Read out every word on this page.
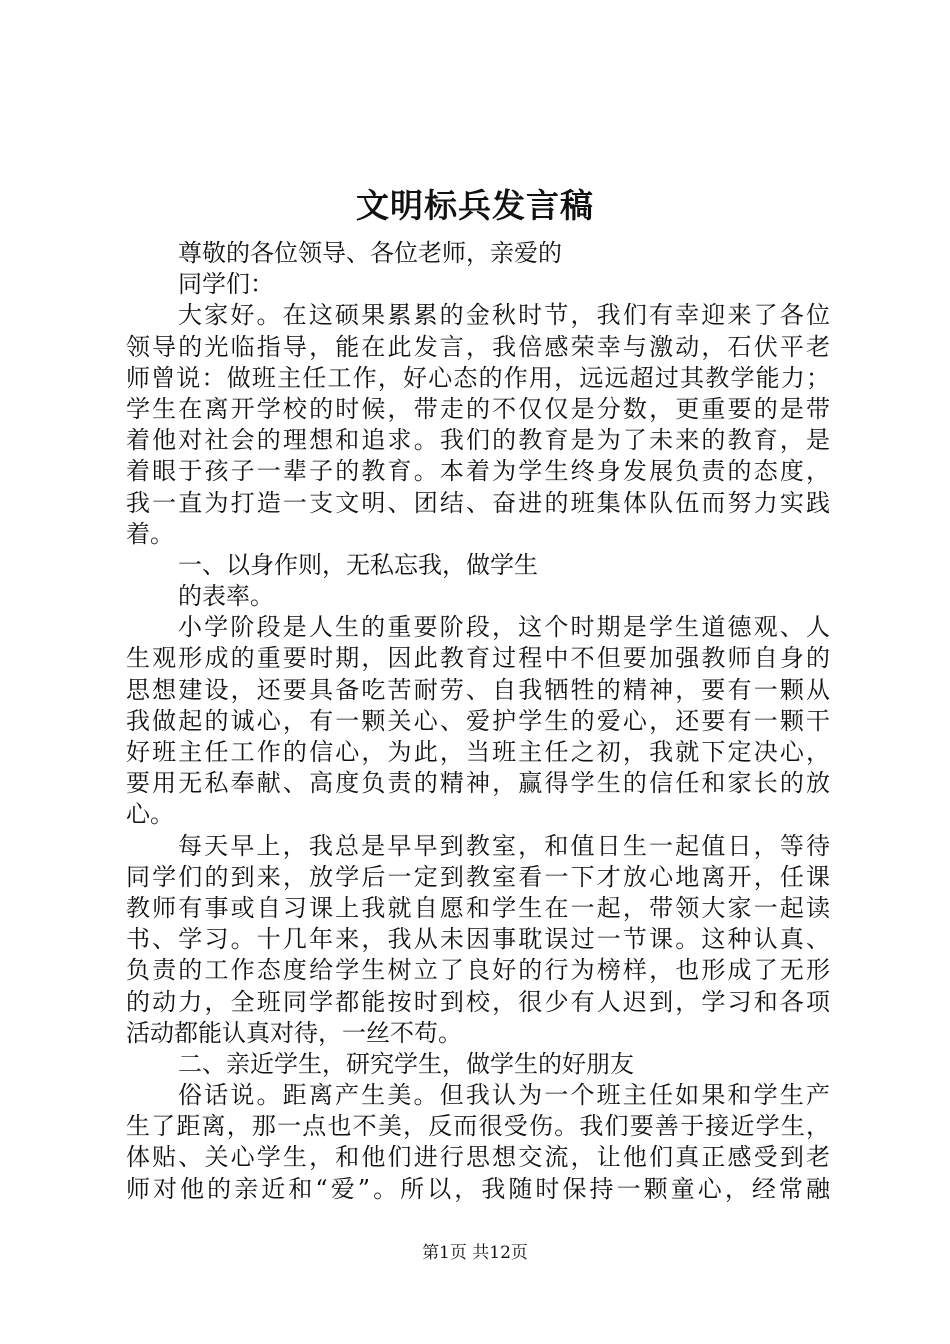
文明标兵发言稿

尊敬的各位领导、各位老师，亲爱的

同学们：

大家好。在这硕果累累的金秋时节，我们有幸迎来了各位

领导的光临指导，能在此发言，我倍感荣幸与激动，石伏平老

师曾说：做班主任工作，好心态的作用，远远超过其教学能力；

学生在离开学校的时候，带走的不仅仅是分数，更重要的是带

着他对社会的理想和追求。我们的教育是为了未来的教育，是

着眼于孩子一辈子的教育。本着为学生终身发展负责的态度，

我一直为打造一支文明、团结、奋进的班集体队伍而努力实践

着。

一、以身作则，无私忘我，做学生

的表率。

小学阶段是人生的重要阶段，这个时期是学生道德观、人

生观形成的重要时期，因此教育过程中不但要加强教师自身的

思想建设，还要具备吃苦耐劳、自我牺牲的精神，要有一颗从

我做起的诚心，有一颗关心、爱护学生的爱心，还要有一颗干

好班主任工作的信心，为此，当班主任之初，我就下定决心，

要用无私奉献、高度负责的精神，赢得学生的信任和家长的放

心。

每天早上，我总是早早到教室，和值日生一起值日，等待

同学们的到来，放学后一定到教室看一下才放心地离开，任课

教师有事或自习课上我就自愿和学生在一起，带领大家一起读

书、学习。十几年来，我从未因事耽误过一节课。这种认真、

负责的工作态度给学生树立了良好的行为榜样，也形成了无形

的动力，全班同学都能按时到校，很少有人迟到，学习和各项

活动都能认真对待，一丝不苟。

二、亲近学生，研究学生，做学生的好朋友

俗话说。距离产生美。但我认为一个班主任如果和学生产

生了距离，那一点也不美，反而很受伤。我们要善于接近学生，

体贴、关心学生，和他们进行思想交流，让他们真正感受到老

师对他的亲近和“爱”。所以，我随时保持一颗童心，经常融

第1页 共12页
